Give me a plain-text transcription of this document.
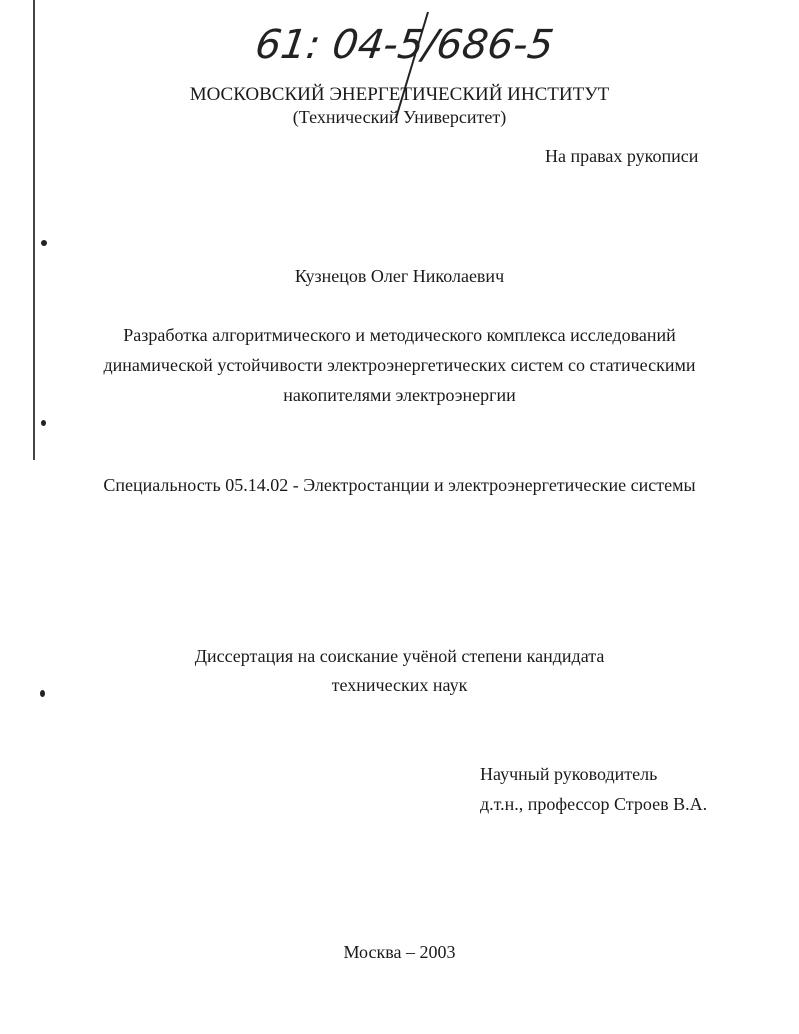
61: 04-5/686-5
МОСКОВСКИЙ ЭНЕРГЕТИЧЕСКИЙ ИНСТИТУТ
(Технический Университет)
На правах рукописи
Кузнецов Олег Николаевич
Разработка алгоритмического и методического комплекса исследований
динамической устойчивости электроэнергетических систем со статическими
накопителями электроэнергии
Специальность 05.14.02 - Электростанции и электроэнергетические системы
Диссертация на соискание учёной степени кандидата
технических наук
Научный руководитель
д.т.н., профессор Строев В.А.
Москва – 2003
